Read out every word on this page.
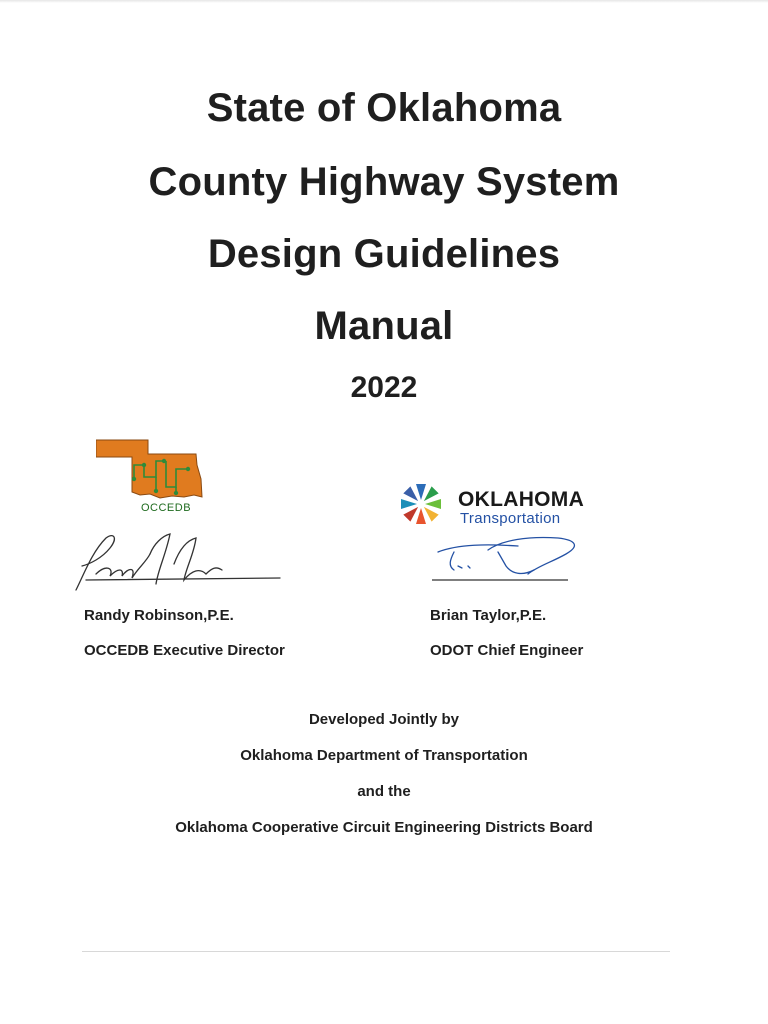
State of Oklahoma
County Highway System
Design Guidelines
Manual
2022
OCCEDB	OKLAHOMA
Transportation
Randy Robinson,P.E.
OCCEDB Executive Director
Brian Taylor,P.E.
ODOT Chief Engineer
Developed Jointly by
Oklahoma Department of Transportation
and the
Oklahoma Cooperative Circuit Engineering Districts Board
